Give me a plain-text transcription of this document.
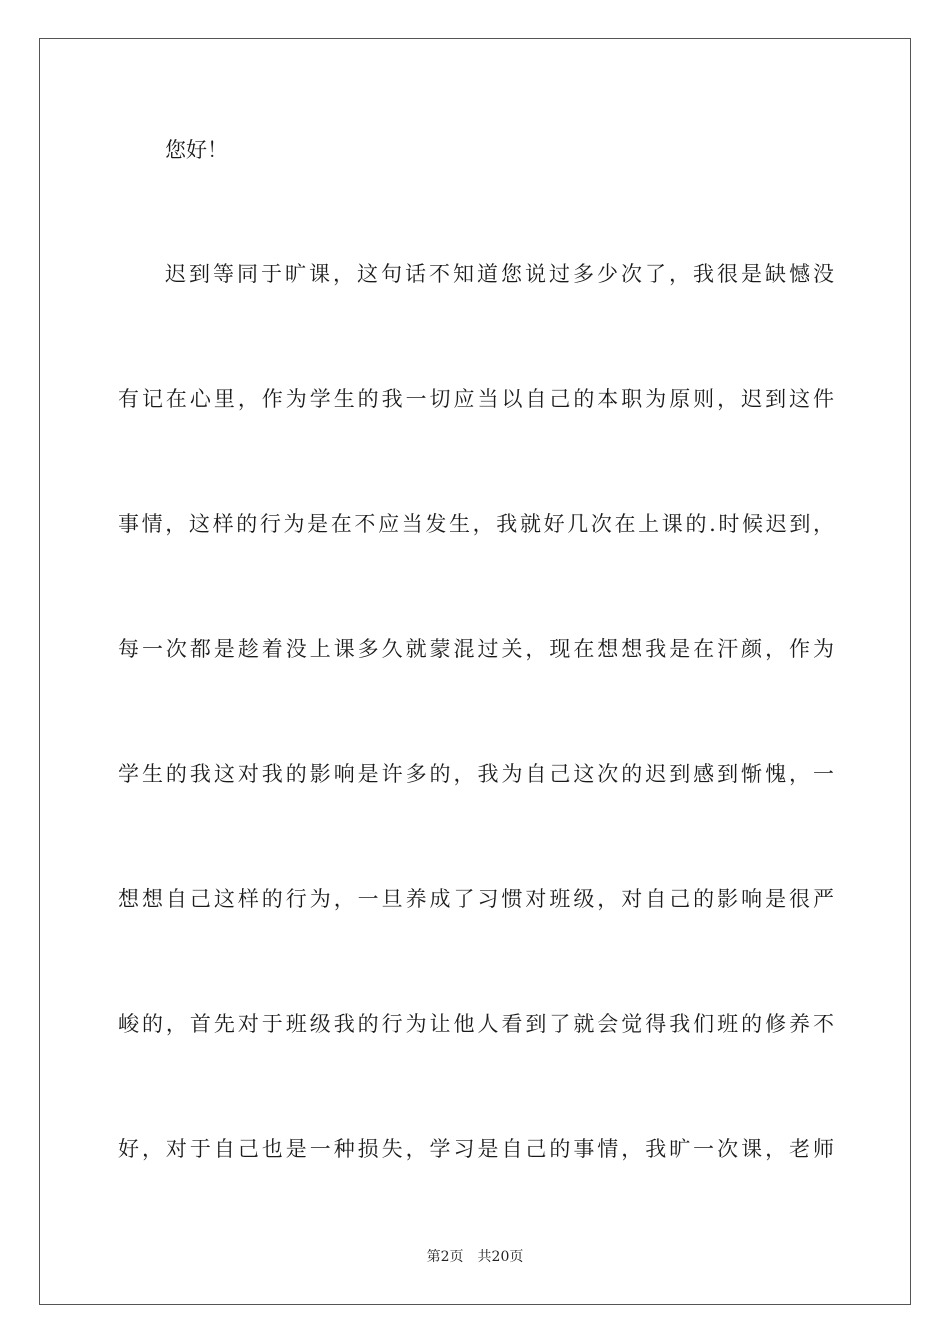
您好！
迟到等同于旷课，这句话不知道您说过多少次了，我很是缺憾没
有记在心里，作为学生的我一切应当以自己的本职为原则，迟到这件
事情，这样的行为是在不应当发生，我就好几次在上课的.时候迟到，
每一次都是趁着没上课多久就蒙混过关，现在想想我是在汗颜，作为
学生的我这对我的影响是许多的，我为自己这次的迟到感到惭愧，一
想想自己这样的行为，一旦养成了习惯对班级，对自己的影响是很严
峻的，首先对于班级我的行为让他人看到了就会觉得我们班的修养不
好，对于自己也是一种损失，学习是自己的事情，我旷一次课，老师
第2页 共20页
